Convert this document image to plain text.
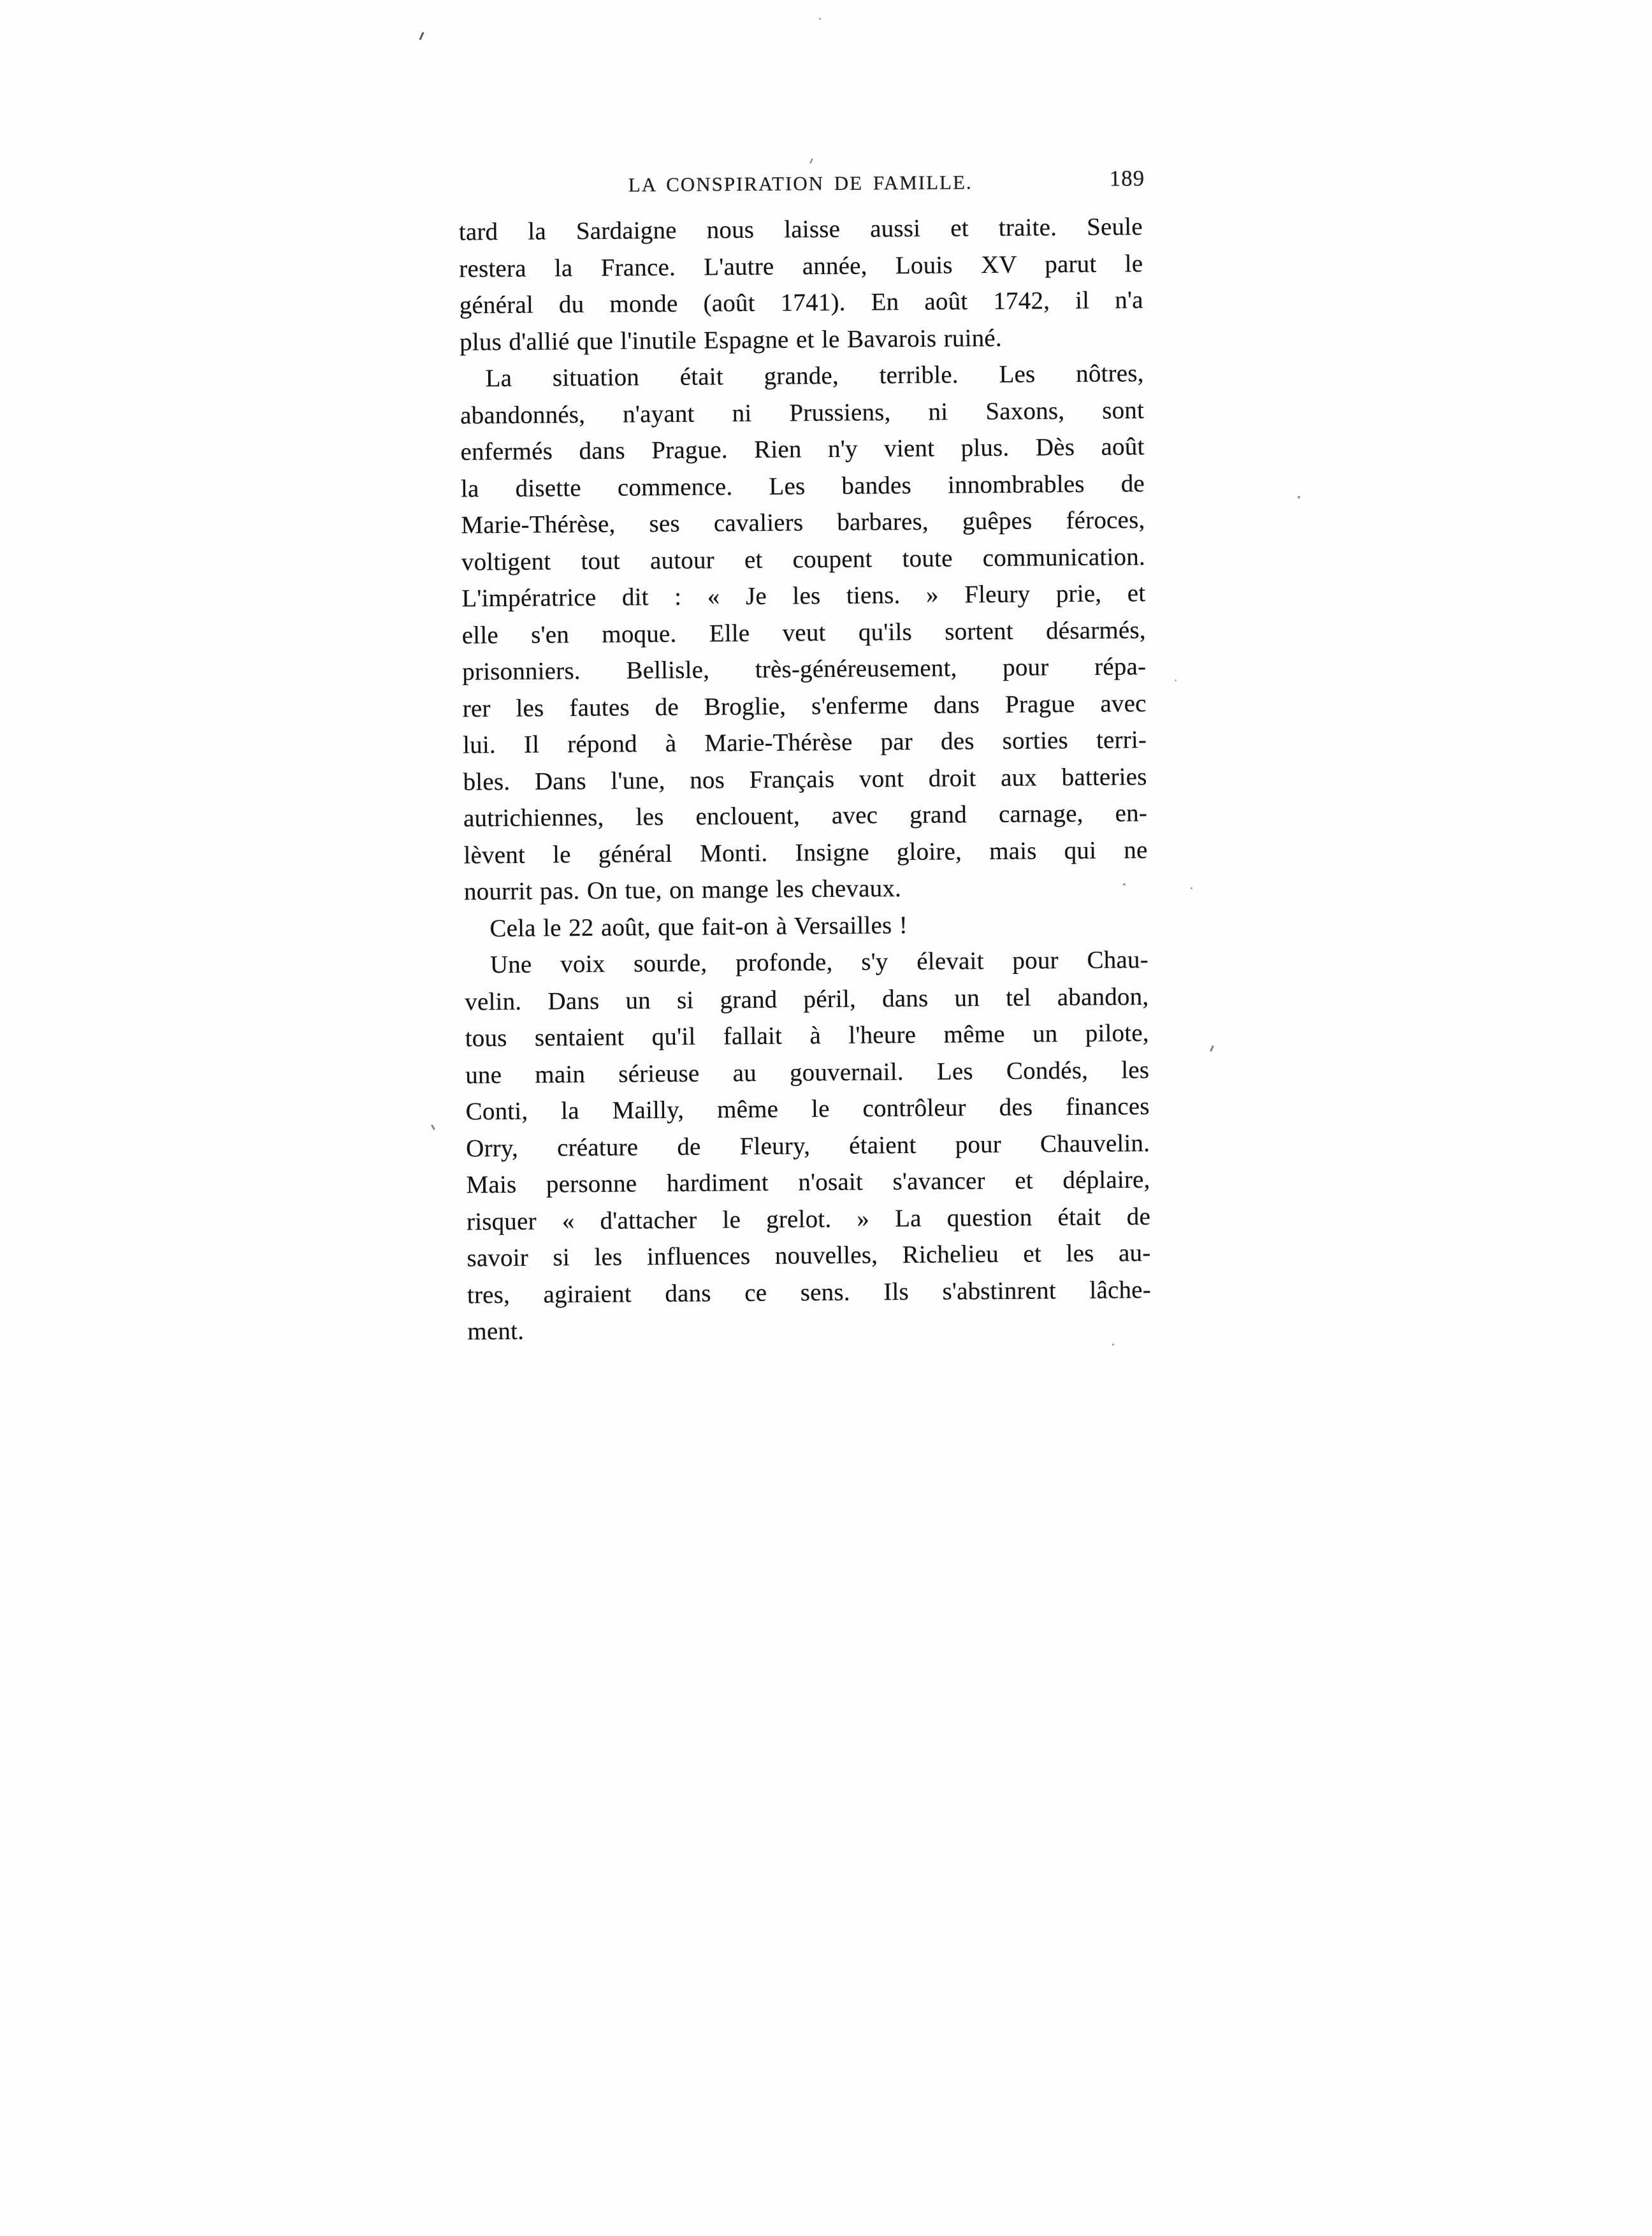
LA CONSPIRATION DE FAMILLE.	189
tard la Sardaigne nous laisse aussi et traite. Seule
restera la France. L'autre année, Louis XV parut le
général du monde (août 1741). En août 1742, il n'a
plus d'allié que l'inutile Espagne et le Bavarois ruiné.
La situation était grande, terrible. Les nôtres,
abandonnés, n'ayant ni Prussiens, ni Saxons, sont
enfermés dans Prague. Rien n'y vient plus. Dès août
la disette commence. Les bandes innombrables de
Marie-Thérèse, ses cavaliers barbares, guêpes féroces,
voltigent tout autour et coupent toute communication.
L'impératrice dit : « Je les tiens. » Fleury prie, et
elle s'en moque. Elle veut qu'ils sortent désarmés,
prisonniers. Bellisle, très-généreusement, pour répa-
rer les fautes de Broglie, s'enferme dans Prague avec
lui. Il répond à Marie-Thérèse par des sorties terri-
bles. Dans l'une, nos Français vont droit aux batteries
autrichiennes, les enclouent, avec grand carnage, en-
lèvent le général Monti. Insigne gloire, mais qui ne
nourrit pas. On tue, on mange les chevaux.
Cela le 22 août, que fait-on à Versailles !
Une voix sourde, profonde, s'y élevait pour Chau-
velin. Dans un si grand péril, dans un tel abandon,
tous sentaient qu'il fallait à l'heure même un pilote,
une main sérieuse au gouvernail. Les Condés, les
Conti, la Mailly, même le contrôleur des finances
Orry, créature de Fleury, étaient pour Chauvelin.
Mais personne hardiment n'osait s'avancer et déplaire,
risquer « d'attacher le grelot. » La question était de
savoir si les influences nouvelles, Richelieu et les au-
tres, agiraient dans ce sens. Ils s'abstinrent lâche-
ment.
